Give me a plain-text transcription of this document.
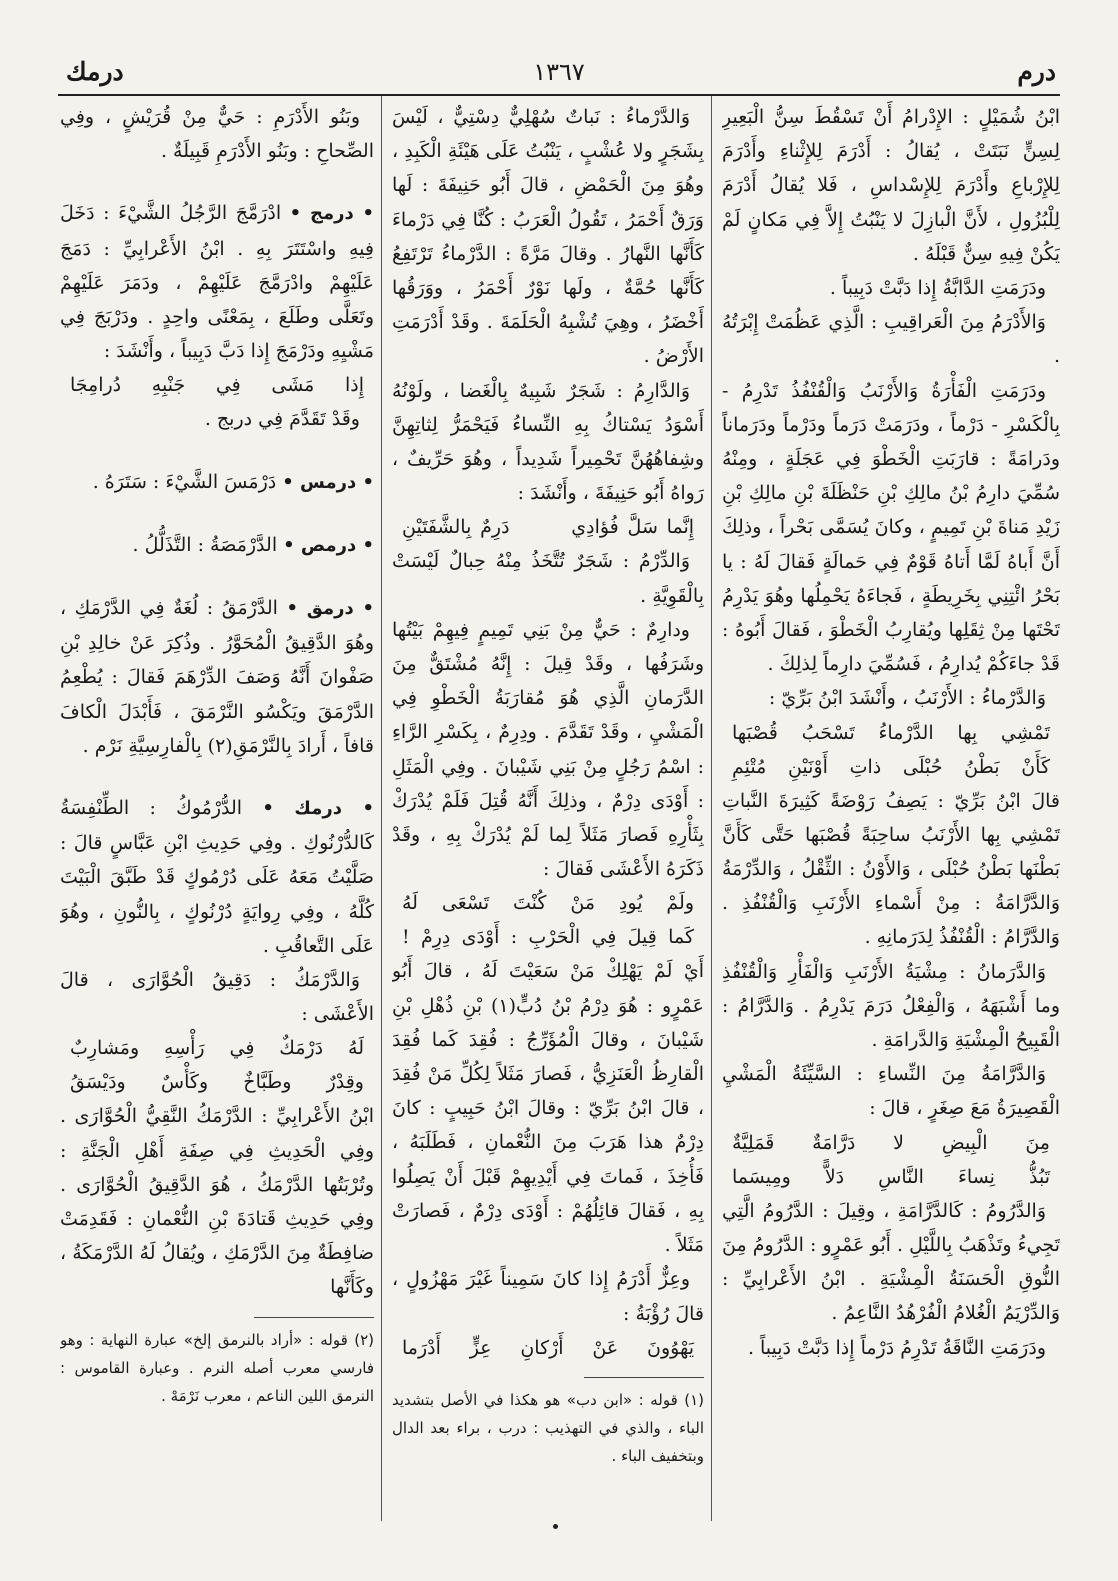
درم
١٣٦٧
درمك

ابْنُ شُمَيْلٍ : الإِدْرامُ أَنْ تَسْقُطَ سِنُّ الْبَعِيرِ لِسِنٍّ نَبَتَتْ ، يُقالُ : أَدْرَمَ لِلإِثْناءِ وأَدْرَمَ لِلإِرْباعِ وأَدْرَمَ لِلإِسْداسِ ، فَلا يُقالُ أَدْرَمَ لِلْبُزُولِ ، لأَنَّ الْبازِلَ لا يَنْبُتُ إِلاَّ فِي مَكانٍ لَمْ يَكُنْ فِيهِ سِنٌّ قَبْلَهُ .

ودَرَمَتِ الدَّابَّةُ إِذا دَبَّتْ دَبِيباً .

وَالأَدْرَمُ مِنَ الْعَراقِيبِ : الَّذِي عَظُمَتْ إِبْرَتُهُ .

ودَرَمَتِ الْفَأْرَةُ وَالأَرْنَبُ وَالْقُنْفُذُ تَدْرِمُ - بِالْكَسْرِ - دَرْماً ، ودَرَمَتْ دَرَماً ودَرْماً ودَرَماناً ودَرامَةً : قارَبَتِ الْخَطْوَ فِي عَجَلَةٍ ، ومِنْهُ سُمِّيَ دارِمُ بْنُ مالِكِ بْنِ حَنْظَلَةَ بْنِ مالِكِ بْنِ زَيْدِ مَناةَ بْنِ تَمِيمٍ ، وكانَ يُسَمَّى بَحْراً ، وذلِكَ أَنَّ أَباهُ لَمَّا أَتاهُ قَوْمٌ فِي حَمالَةٍ فَقالَ لَهُ : يا بَحْرُ ائْتِنِي بِخَرِيطَةٍ ، فَجاءَهُ يَحْمِلُها وهُوَ يَدْرِمُ تَحْتَها مِنْ ثِقَلِها ويُقارِبُ الْخَطْوَ ، فَقالَ أَبُوهُ : قَدْ جاءَكُمْ يُدارِمُ ، فَسُمِّيَ دارِماً لِذلِكَ .

وَالدَّرْماءُ : الأَرْنَبُ ، وأَنْشَدَ ابْنُ بَرِّيّ :

تَمْشِي بِها الدَّرْماءُ تَسْحَبُ قُصْبَها

كَأَنْ بَطْنُ حُبْلَى ذاتِ أَوْنَيْنِ مُتْئِمِ

قالَ ابْنُ بَرِّيّ : يَصِفُ رَوْضَةً كَثِيرَةَ النَّباتِ تَمْشِي بِها الأَرْنَبُ ساحِبَةً قُصْبَها حَتَّى كَأَنَّ بَطْنَها بَطْنُ حُبْلَى ، وَالأَوْنُ : الثِّقْلُ ، وَالدِّرْمَةُ وَالدَّرَّامَةُ : مِنْ أَسْماءِ الأَرْنَبِ وَالْقُنْفُذِ . وَالدَّرَّامُ : الْقُنْفُذُ لِدَرَمانِهِ .

وَالدَّرَمانُ : مِشْيَةُ الأَرْنَبِ وَالْفَأْرِ وَالْقُنْفُذِ وما أَشْبَهَهُ ، وَالْفِعْلُ دَرَمَ يَدْرِمُ . وَالدَّرَّامُ : الْقَبِيحُ الْمِشْيَةِ وَالدَّرامَةِ .

وَالدَّرَّامَةُ مِنَ النِّساءِ : السَّيِّئَةُ الْمَشْيِ الْقَصِيرَةُ مَعَ صِغَرٍ ، قالَ :

مِنَ الْبِيضِ لا دَرَّامَةٌ قَمَلِيَّةٌ

تَبُذُّ نِساءَ النَّاسِ دَلاًّ ومِيسَما

وَالدَّرُومُ : كَالدَّرَّامَةِ ، وقِيلَ : الدَّرُومُ الَّتِي تَجِيءُ وتَذْهَبُ بِاللَّيْلِ . أَبُو عَمْرٍو : الدَّرُومُ مِنَ النُّوقِ الْحَسَنَةُ الْمِشْيَةِ . ابْنُ الأَعْرابِيِّ : وَالدِّرْيَمُ الْغُلامُ الْفُرْهُدُ النَّاعِمُ .

ودَرَمَتِ النَّاقَةُ تَدْرِمُ دَرْماً إِذا دَبَّتْ دَبِيباً .

وَالدَّرْماءُ : نَباتٌ سُهْلِيٌّ دِسْتِيٌّ ، لَيْسَ بِشَجَرٍ ولا عُشْبٍ ، يَنْبُتُ عَلَى هَيْئَةِ الْكَبِدِ ، وهُوَ مِنَ الْحَمْضِ ، قالَ أَبُو حَنِيفَةَ : لَها وَرَقٌ أَحْمَرُ ، تَقُولُ الْعَرَبُ : كُنَّا فِي دَرْماءَ كَأَنَّها النَّهارُ . وقالَ مَرَّةً : الدَّرْماءُ تَرْتَفِعُ كَأَنَّها حُمَّةٌ ، ولَها نَوْرٌ أَحْمَرُ ، ووَرَقُها أَخْضَرُ ، وهِيَ تُشْبِهُ الْحَلَمَةَ . وقَدْ أَدْرَمَتِ الأَرْضُ .

وَالدَّارِمُ : شَجَرٌ شَبِيهٌ بِالْغَضا ، ولَوْنُهُ أَسْوَدُ يَسْتاكُ بِهِ النِّساءُ فَيَحْمَرُّ لِثاتِهِنَّ وشِفاهُهُنَّ تَحْمِيراً شَدِيداً ، وهُوَ حَرِّيفٌ ، رَواهُ أَبُو حَنِيفَةَ ، وأَنْشَدَ :

إِنَّما سَلَّ فُؤادِي       دَرِمٌ بِالشَّفَتَيْنِ

وَالدِّرْمُ : شَجَرٌ تُتَّخَذُ مِنْهُ حِبالٌ لَيْسَتْ بِالْقَوِيَّةِ .

ودارِمٌ : حَيٌّ مِنْ بَنِي تَمِيمٍ فِيهِمْ بَيْتُها وشَرَفُها ، وقَدْ قِيلَ : إِنَّهُ مُشْتَقٌّ مِنَ الدَّرَمانِ الَّذِي هُوَ مُقارَبَةُ الْخَطْوِ فِي الْمَشْيِ ، وقَدْ تَقَدَّمَ . ودِرِمٌ ، بِكَسْرِ الرَّاءِ : اسْمُ رَجُلٍ مِنْ بَنِي شَيْبانَ . وفِي الْمَثَلِ : أَوْدَى دِرْمٌ ، وذلِكَ أَنَّهُ قُتِلَ فَلَمْ يُدْرَكْ بِثَأْرِهِ فَصارَ مَثَلاً لِما لَمْ يُدْرَكْ بِهِ ، وقَدْ ذَكَرَهُ الأَعْشَى فَقالَ :

ولَمْ يُودِ مَنْ كُنْتَ تَسْعَى لَهُ

كَما قِيلَ فِي الْحَرْبِ : أَوْدَى دِرِمْ !

أَيْ لَمْ يَهْلِكْ مَنْ سَعَيْتَ لَهُ ، قالَ أَبُو عَمْرٍو : هُوَ دِرْمُ بْنُ دُبٍّ(١) بْنِ ذُهْلِ بْنِ شَيْبانَ ، وقالَ الْمُؤَرِّجُ : فُقِدَ كَما فُقِدَ الْقارِظُ الْعَنَزِيُّ ، فَصارَ مَثَلاً لِكُلِّ مَنْ فُقِدَ ، قالَ ابْنُ بَرِّيّ : وقالَ ابْنُ حَبِيبٍ : كانَ دِرْمٌ هذا هَرَبَ مِنَ النُّعْمانِ ، فَطَلَبَهُ ، فَأُخِذَ ، فَماتَ فِي أَيْدِيهِمْ قَبْلَ أَنْ يَصِلُوا بِهِ ، فَقالَ قائِلُهُمْ : أَوْدَى دِرْمٌ ، فَصارَتْ مَثَلاً .

وعِزٌّ أَدْرَمُ إِذا كانَ سَمِيناً غَيْرَ مَهْزُولٍ ، قالَ رُؤْبَةُ :

يَهْوُونَ عَنْ أَرْكانِ عِزٍّ أَدْرَما

(١) قوله : «ابن دب» هو هكذا في الأصل بتشديد الباء ، والذي في التهذيب : درب ، براء بعد الدال وبتخفيف الباء .

وبَنُو الأَدْرَمِ : حَيٌّ مِنْ قُرَيْشٍ ، وفِي الصِّحاحِ : وبَنُو الأَدْرَمِ قَبِيلَةٌ .

• درمج • ادْرَمَّجَ الرَّجُلُ الشَّيْءَ : دَخَلَ فِيهِ واسْتَتَرَ بِهِ . ابْنُ الأَعْرابِيِّ : دَمَجَ عَلَيْهِمْ وادْرَمَّجَ عَلَيْهِمْ ، ودَمَرَ عَلَيْهِمْ وتَعَلَّى وطَلَعَ ، بِمَعْنًى واحِدٍ . ودَرْبَجَ فِي مَشْيِهِ ودَرْمَجَ إِذا دَبَّ دَبِيباً ، وأَنْشَدَ :

إِذا مَشَى فِي جَنْبِهِ دُرامِجَا

وقَدْ تَقَدَّمَ فِي دربج .

• درمس • دَرْمَسَ الشَّيْءَ : سَتَرَهُ .

• درمص • الدَّرْمَصَةُ : التَّذَلُّلُ .

• درمق • الدَّرْمَقُ : لُغَةٌ فِي الدَّرْمَكِ ، وهُوَ الدَّقِيقُ الْمُحَوَّرُ . وذُكِرَ عَنْ خالِدِ بْنِ صَفْوانَ أَنَّهُ وَصَفَ الدِّرْهَمَ فَقالَ : يُطْعِمُ الدَّرْمَقَ ويَكْسُو النَّرْمَقَ ، فَأَبْدَلَ الْكافَ قافاً ، أَرادَ بِالنَّرْمَقِ(٢) بِالْفارِسِيَّةِ نَرْم .

• درمك • الدُّرْمُوكُ : الطِّنْفِسَةُ كَالدُّرْنُوكِ . وفِي حَدِيثِ ابْنِ عَبَّاسٍ قالَ : صَلَّيْتُ مَعَهُ عَلَى دُرْمُوكٍ قَدْ طَبَّقَ الْبَيْتَ كُلَّهُ ، وفِي رِوايَةٍ دُرْنُوكٍ ، بِالنُّونِ ، وهُوَ عَلَى التَّعاقُبِ .

وَالدَّرْمَكُ : دَقِيقُ الْحُوَّارَى ، قالَ الأَعْشَى :

لَهُ دَرْمَكٌ فِي رَأْسِهِ ومَشارِبٌ

وقِدْرٌ وطَبَّاخٌ وكَأْسٌ ودَيْسَقُ

ابْنُ الأَعْرابِيِّ : الدَّرْمَكُ النَّقِيُّ الْحُوَّارَى . وفِي الْحَدِيثِ فِي صِفَةِ أَهْلِ الْجَنَّةِ : وتُرْبَتُها الدَّرْمَكُ ، هُوَ الدَّقِيقُ الْحُوَّارَى . وفِي حَدِيثِ قَتادَةَ بْنِ النُّعْمانِ : فَقَدِمَتْ ضافِطَةٌ مِنَ الدَّرْمَكِ ، ويُقالُ لَهُ الدَّرْمَكَةُ ، وكَأَنَّها

(٢) قوله : «أراد بالنرمق إلخ» عبارة النهاية : وهو فارسي معرب أصله النرم . وعبارة القاموس : النرمق اللين الناعم ، معرب نَرْمَهْ .
